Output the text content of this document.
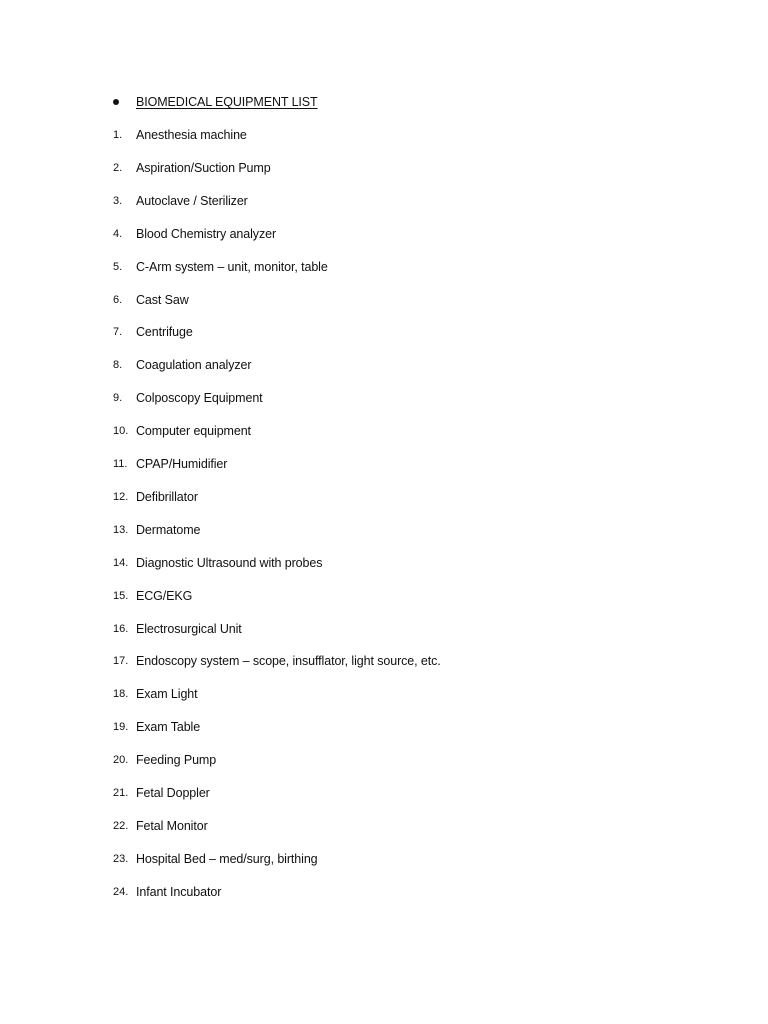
BIOMEDICAL EQUIPMENT LIST
1.	Anesthesia machine
2.	Aspiration/Suction Pump
3.	Autoclave / Sterilizer
4.	Blood Chemistry analyzer
5.	C-Arm system – unit, monitor, table
6.	Cast Saw
7.	Centrifuge
8.	Coagulation analyzer
9.	Colposcopy Equipment
10. Computer equipment
11. CPAP/Humidifier
12. Defibrillator
13. Dermatome
14. Diagnostic Ultrasound with probes
15. ECG/EKG
16. Electrosurgical Unit
17. Endoscopy system – scope, insufflator, light source, etc.
18. Exam Light
19. Exam Table
20. Feeding Pump
21. Fetal Doppler
22. Fetal Monitor
23. Hospital Bed – med/surg, birthing
24. Infant Incubator
